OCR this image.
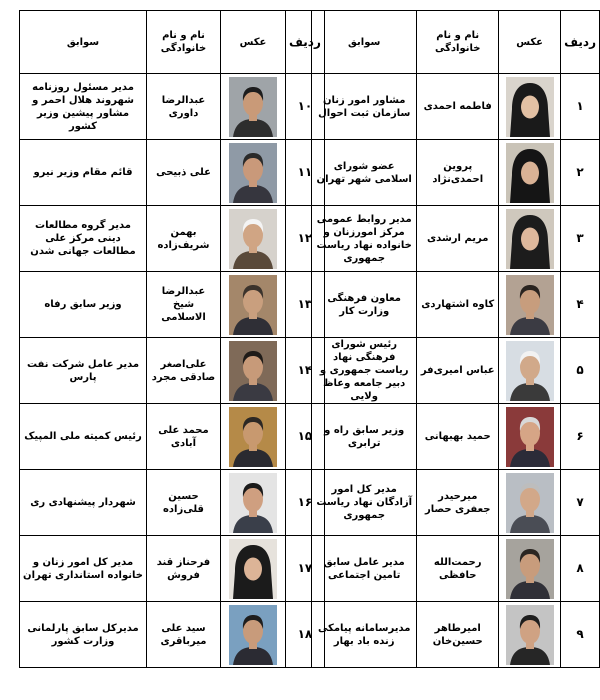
ردیف	عکس	نام و نام خانوادگی	سوابق
۱		فاطمه احمدی	مشاور امور زنان سازمان ثبت احوال
۲		پروین احمدی‌نژاد	عضو شورای اسلامی شهر تهران
۳		مریم ارشدی	مدیر روابط عمومی مرکز امورزنان و خانواده نهاد ریاست جمهوری
۴		کاوه اشتهاردی	معاون فرهنگی وزارت کار
۵		عباس امیری‌فر	رئیس شورای فرهنگی نهاد ریاست جمهوری و دبیر جامعه وعاظ ولایی
۶		حمید بهبهانی	وزیر سابق راه و ترابری
۷		میرحیدر جعفری حصار	مدیر کل امور آزادگان نهاد ریاست جمهوری
۸		رحمت‌الله حافظی	مدیر عامل سابق تامین اجتماعی
۹		امیرطاهر حسین‌خان	مدیرسامانه پیامکی زنده باد بهار
ردیف	عکس	نام و نام خانوادگی	سوابق
۱۰		عبدالرضا داوری	مدیر مسئول روزنامه شهروند هلال احمر و مشاور پیشین وزیر کشور
۱۱		علی ذبیحی	قائم مقام وزیر نیرو
۱۲		بهمن شریف‌زاده	مدیر گروه مطالعات دینی مرکز علی مطالعات جهانی شدن
۱۳		عبدالرضا شیخ الاسلامی	وزیر سابق رفاه
۱۴		علی‌اصغر صادقی مجرد	مدیر عامل شرکت نفت پارس
۱۵		محمد علی آبادی	رئیس کمیته ملی المپیک
۱۶		حسین قلی‌زاده	شهردار پیشنهادی ری
۱۷		فرحناز قند فروش	مدیر کل امور زنان و خانواده استانداری تهران
۱۸		سید علی میرباقری	مدیرکل سابق پارلمانی وزارت کشور
